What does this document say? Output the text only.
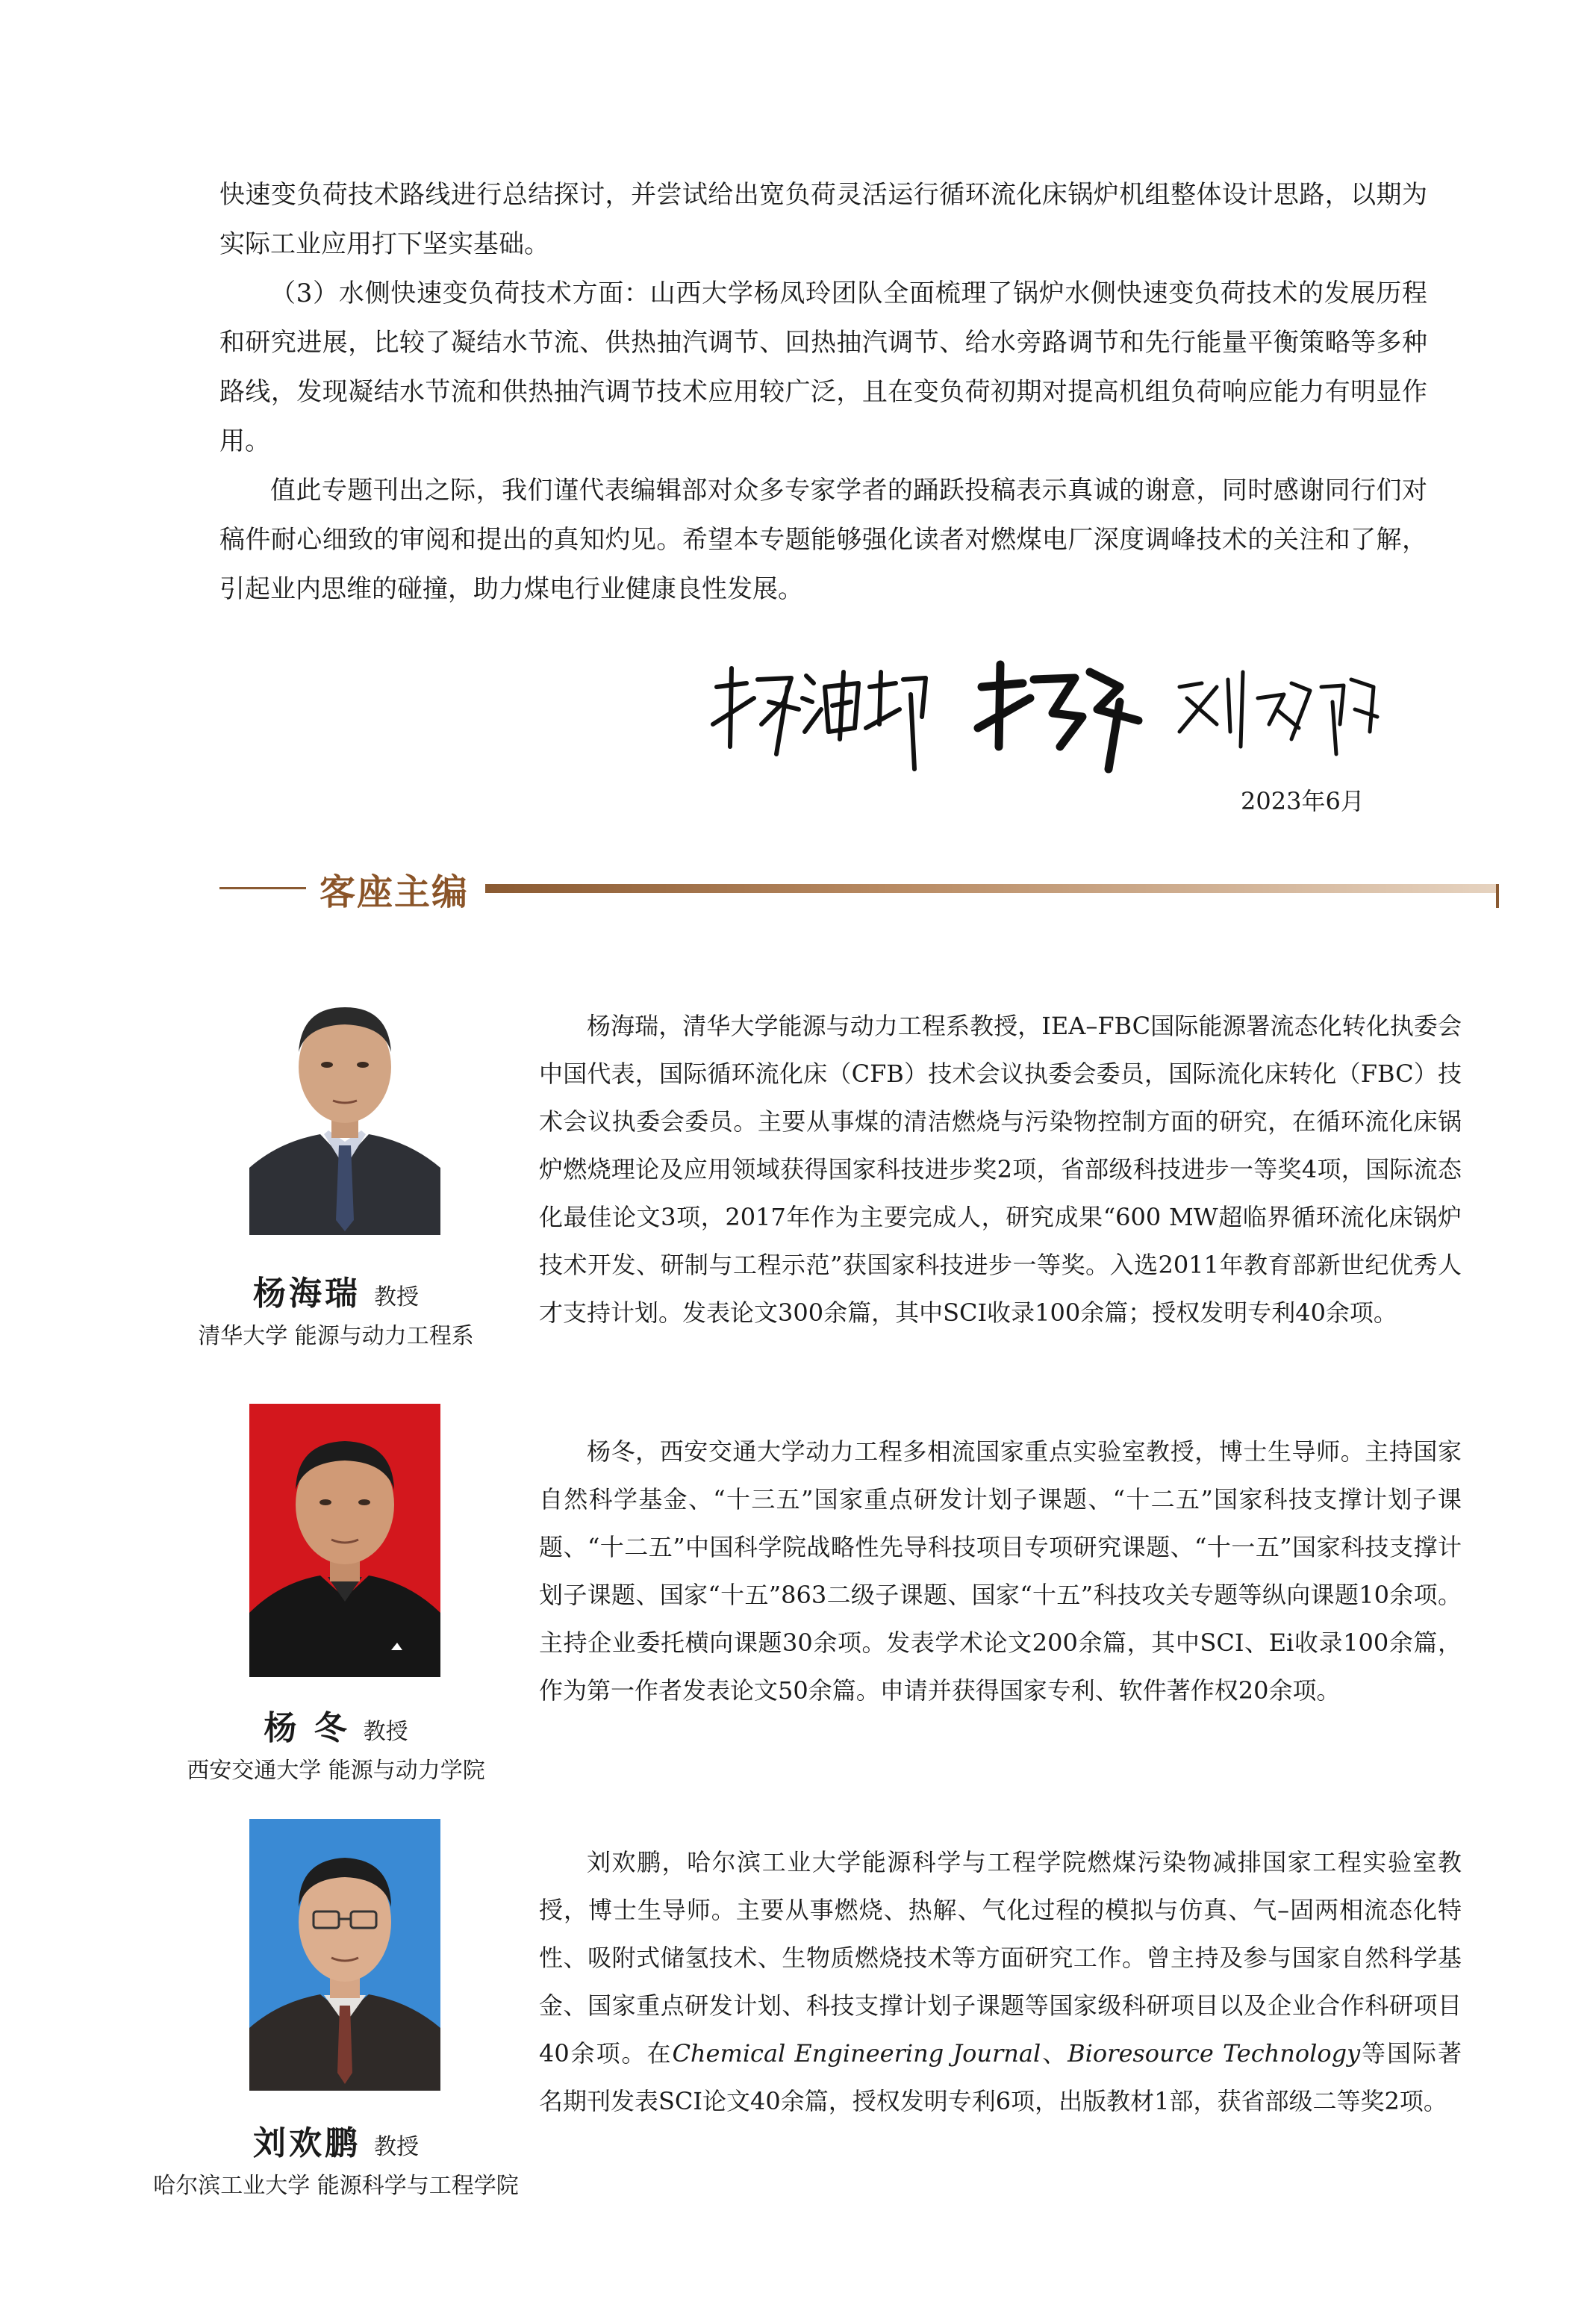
快速变负荷技术路线进行总结探讨，并尝试给出宽负荷灵活运行循环流化床锅炉机组整体设计思路，以期为实际工业应用打下坚实基础。

（3）水侧快速变负荷技术方面：山西大学杨凤玲团队全面梳理了锅炉水侧快速变负荷技术的发展历程和研究进展，比较了凝结水节流、供热抽汽调节、回热抽汽调节、给水旁路调节和先行能量平衡策略等多种路线，发现凝结水节流和供热抽汽调节技术应用较广泛，且在变负荷初期对提高机组负荷响应能力有明显作用。

值此专题刊出之际，我们谨代表编辑部对众多专家学者的踊跃投稿表示真诚的谢意，同时感谢同行们对稿件耐心细致的审阅和提出的真知灼见。希望本专题能够强化读者对燃煤电厂深度调峰技术的关注和了解，引起业内思维的碰撞，助力煤电行业健康良性发展。

2023年6月
客座主编
杨海瑞 教授
清华大学 能源与动力工程系

杨海瑞，清华大学能源与动力工程系教授，IEA–FBC国际能源署流态化转化执委会中国代表，国际循环流化床（CFB）技术会议执委会委员，国际流化床转化（FBC）技术会议执委会委员。主要从事煤的清洁燃烧与污染物控制方面的研究，在循环流化床锅炉燃烧理论及应用领域获得国家科技进步奖2项，省部级科技进步一等奖4项，国际流态化最佳论文3项，2017年作为主要完成人，研究成果“600 MW超临界循环流化床锅炉技术开发、研制与工程示范”获国家科技进步一等奖。入选2011年教育部新世纪优秀人才支持计划。发表论文300余篇，其中SCI收录100余篇；授权发明专利40余项。

杨 冬 教授
西安交通大学 能源与动力学院

杨冬，西安交通大学动力工程多相流国家重点实验室教授，博士生导师。主持国家自然科学基金、“十三五”国家重点研发计划子课题、“十二五”国家科技支撑计划子课题、“十二五”中国科学院战略性先导科技项目专项研究课题、“十一五”国家科技支撑计划子课题、国家“十五”863二级子课题、国家“十五”科技攻关专题等纵向课题10余项。主持企业委托横向课题30余项。发表学术论文200余篇，其中SCI、Ei收录100余篇，作为第一作者发表论文50余篇。申请并获得国家专利、软件著作权20余项。

刘欢鹏 教授
哈尔滨工业大学 能源科学与工程学院

刘欢鹏，哈尔滨工业大学能源科学与工程学院燃煤污染物减排国家工程实验室教授，博士生导师。主要从事燃烧、热解、气化过程的模拟与仿真、气–固两相流态化特性、吸附式储氢技术、生物质燃烧技术等方面研究工作。曾主持及参与国家自然科学基金、国家重点研发计划、科技支撑计划子课题等国家级科研项目以及企业合作科研项目40余项。在Chemical Engineering Journal、Bioresource Technology等国际著名期刊发表SCI论文40余篇，授权发明专利6项，出版教材1部，获省部级二等奖2项。
